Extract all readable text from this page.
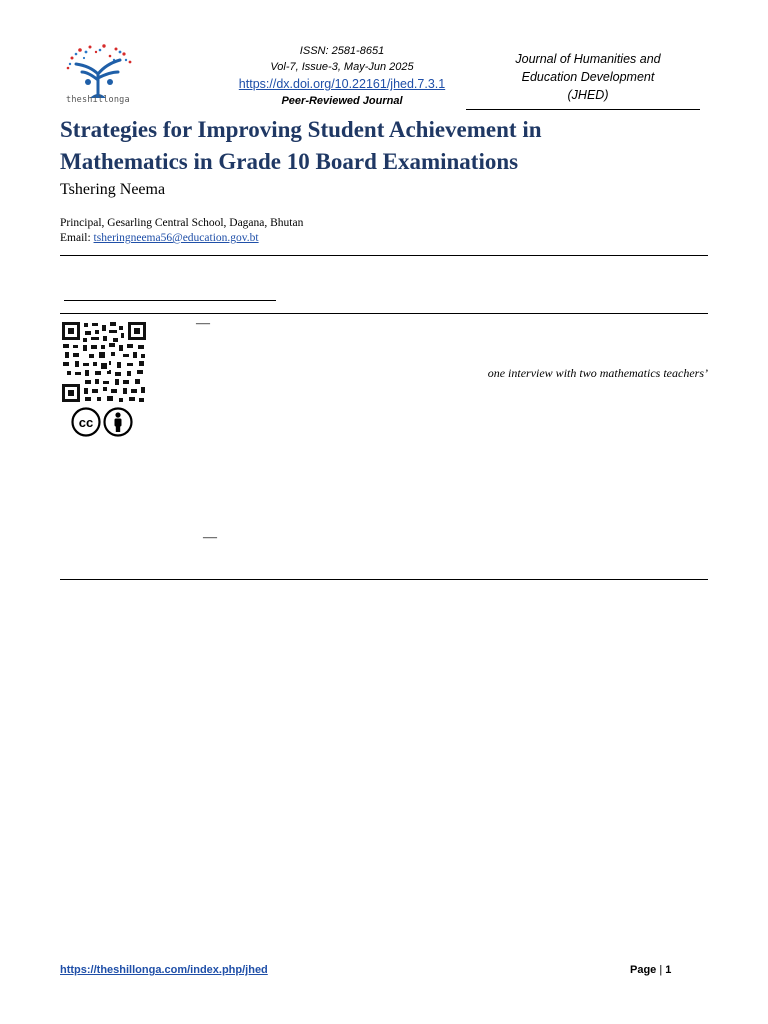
theshillonga
ISSN: 2581-8651
Vol-7, Issue-3, May-Jun 2025
https://dx.doi.org/10.22161/jhed.7.3.1
Peer-Reviewed Journal
Journal of Humanities and
Education Development
(JHED)
Strategies for Improving Student Achievement in
Mathematics in Grade 10 Board Examinations
Tshering Neema
Principal, Gesarling Central School, Dagana, Bhutan
Email: tsheringneema56@education.gov.bt
cc
—
one interview with two mathematics teachers’
—
https://theshillonga.com/index.php/jhed	Page | 1
